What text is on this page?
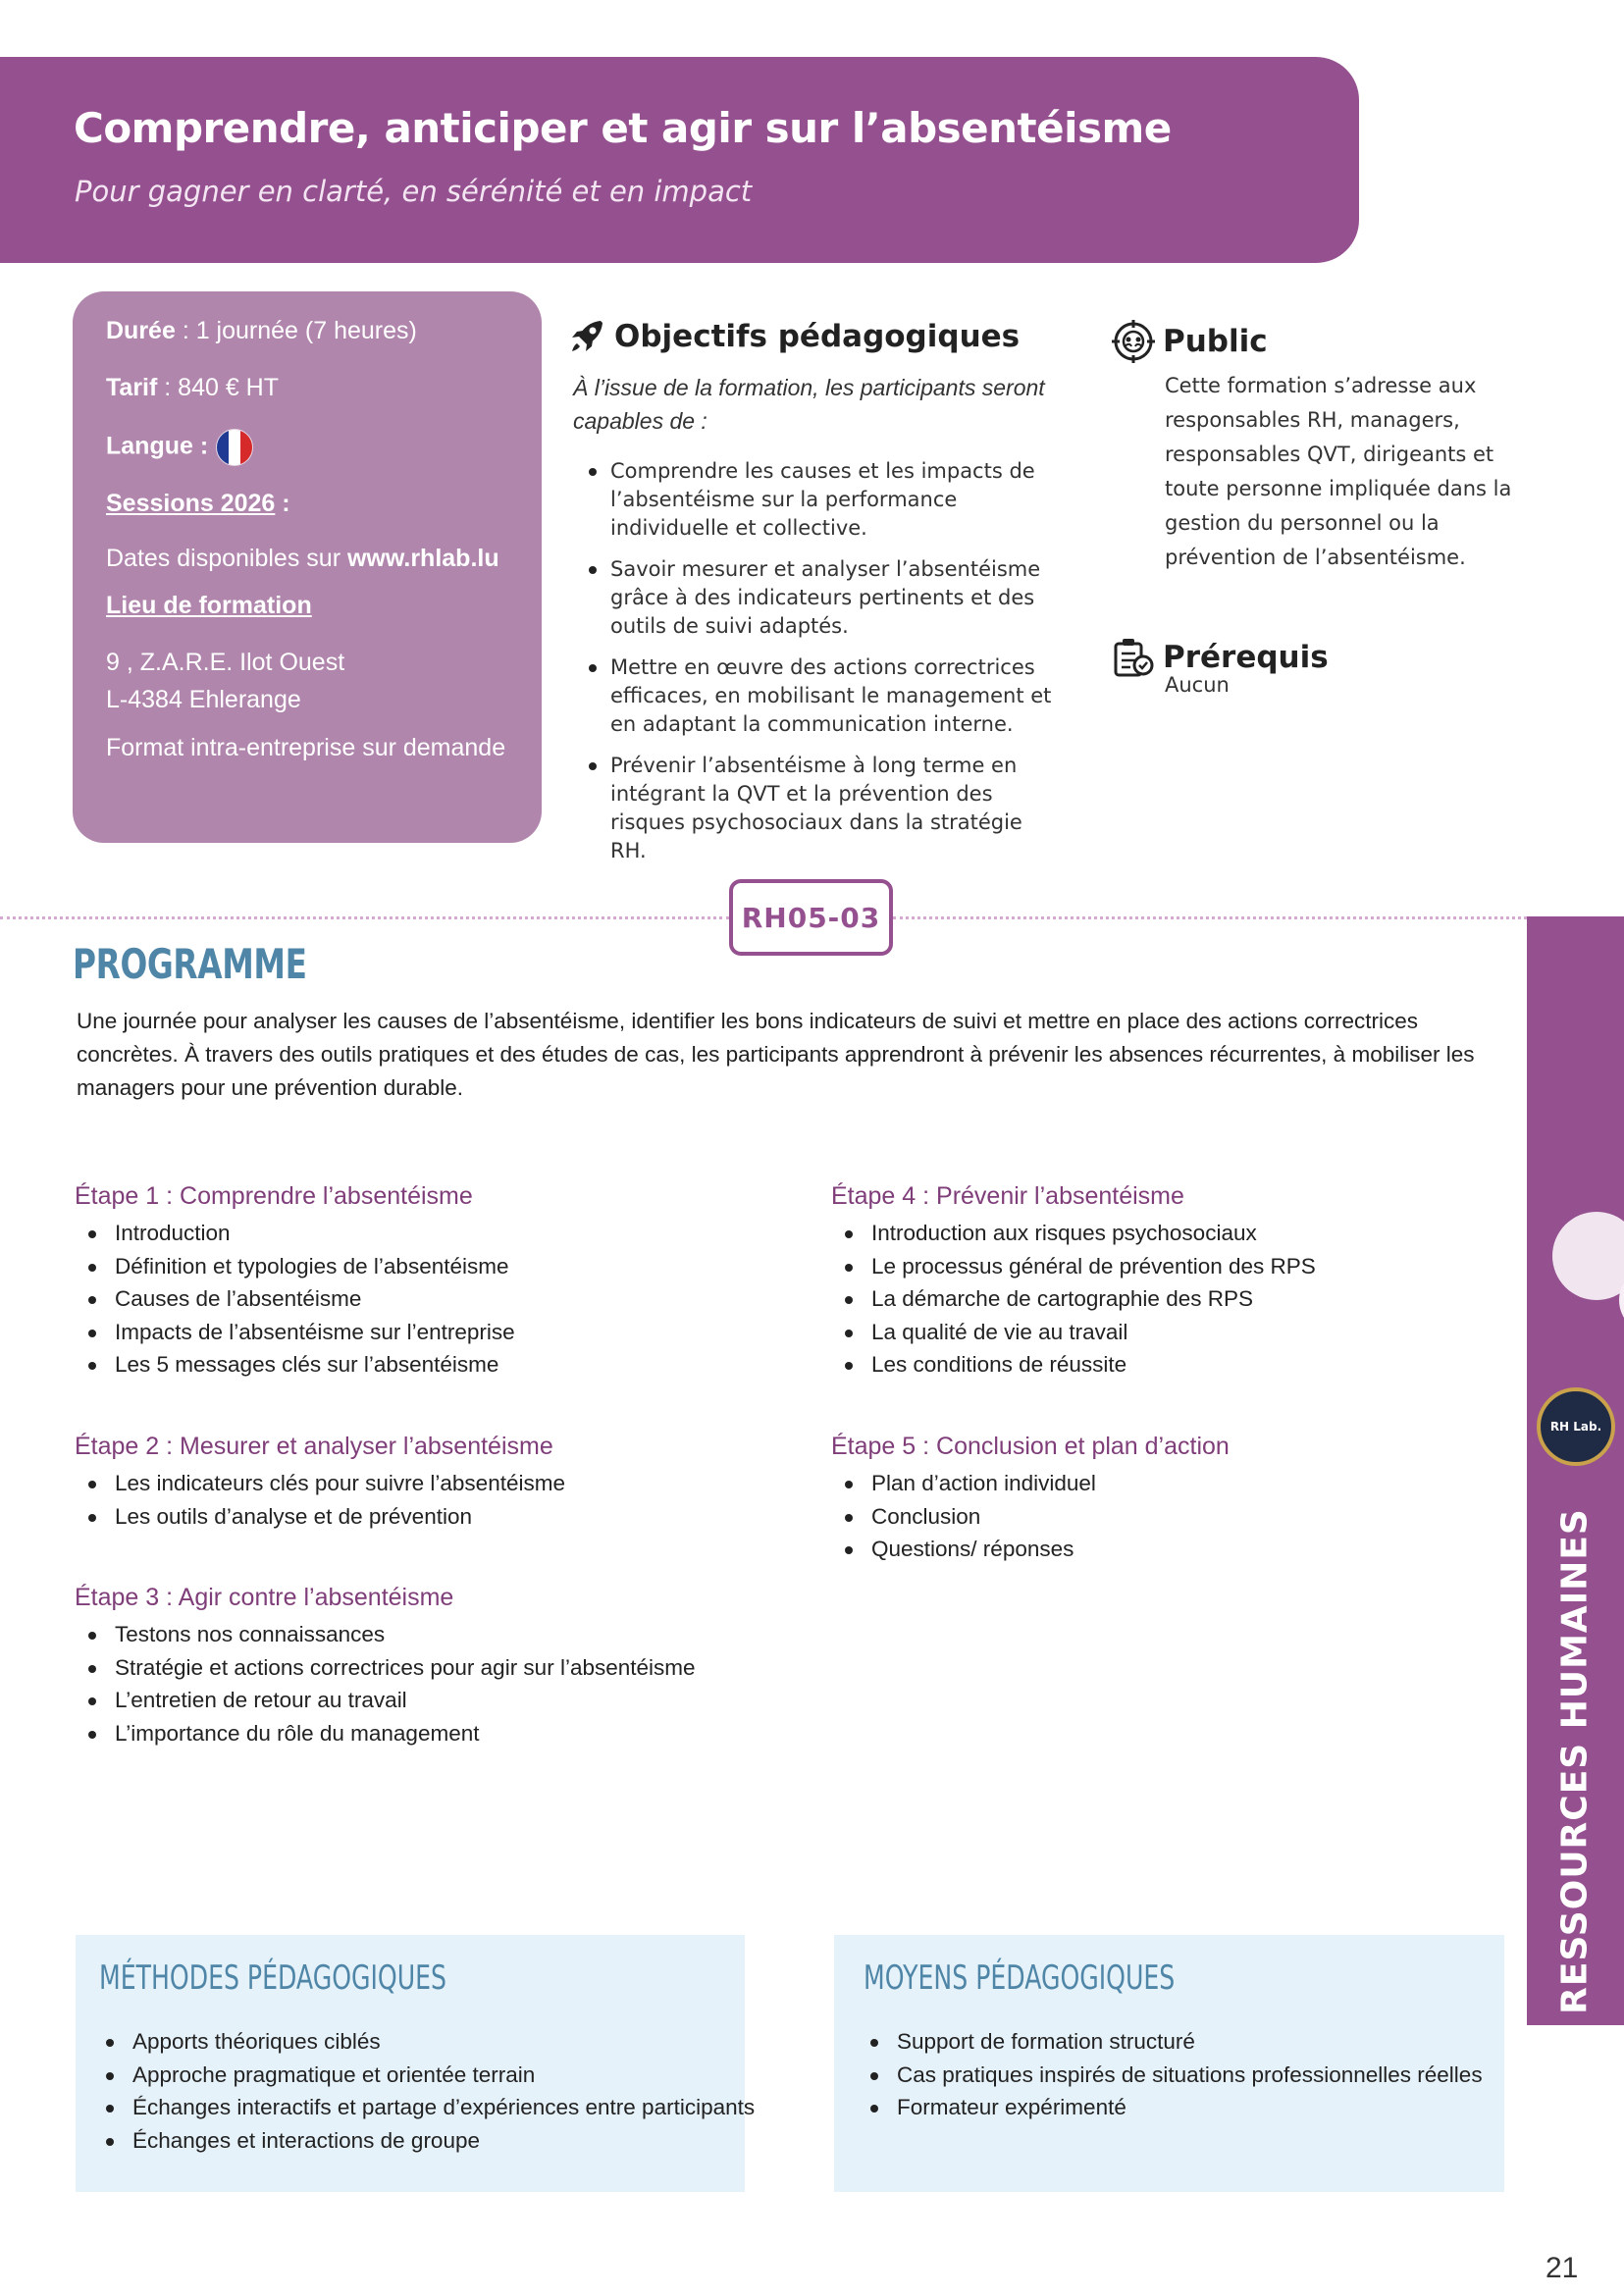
Comprendre, anticiper et agir sur l’absentéisme

Pour gagner en clarté, en sérénité et en impact

Durée : 1 journée (7 heures)
Tarif : 840 € HT
Langue :
Sessions 2026 :
Dates disponibles sur www.rhlab.lu
Lieu de formation
9 , Z.A.R.E. Ilot Ouest
L-4384 Ehlerange
Format intra-entreprise sur demande
Objectifs pédagogiques

À l’issue de la formation, les participants seront capables de :

Comprendre les causes et les impacts de l’absentéisme sur la performance individuelle et collective.
Savoir mesurer et analyser l’absentéisme grâce à des indicateurs pertinents et des outils de suivi adaptés.
Mettre en œuvre des actions correctrices efficaces, en mobilisant le management et en adaptant la communication interne.
Prévenir l’absentéisme à long terme en intégrant la QVT et la prévention des risques psychosociaux dans la stratégie RH.
Public

Cette formation s’adresse aux responsables RH, managers, responsables QVT, dirigeants et toute personne impliquée dans la gestion du personnel ou la prévention de l’absentéisme.

Prérequis

Aucun

RH05-03
PROGRAMME

Une journée pour analyser les causes de l’absentéisme, identifier les bons indicateurs de suivi et mettre en place des actions correctrices concrètes. À travers des outils pratiques et des études de cas, les participants apprendront à prévenir les absences récurrentes, à mobiliser les managers pour une prévention durable.

Étape 1 : Comprendre l’absentéisme
Introduction
Définition et typologies de l’absentéisme
Causes de l’absentéisme
Impacts de l’absentéisme sur l’entreprise
Les 5 messages clés sur l’absentéisme
Étape 2 : Mesurer et analyser l’absentéisme
Les indicateurs clés pour suivre l’absentéisme
Les outils d’analyse et de prévention
Étape 3 : Agir contre l’absentéisme
Testons nos connaissances
Stratégie et actions correctrices pour agir sur l’absentéisme
L’entretien de retour au travail
L’importance du rôle du management
Étape 4 : Prévenir l’absentéisme
Introduction aux risques psychosociaux
Le processus général de prévention des RPS
La démarche de cartographie des RPS
La qualité de vie au travail
Les conditions de réussite
Étape 5 : Conclusion et plan d’action
Plan d’action individuel
Conclusion
Questions/ réponses
RH Lab.
RESSOURCES HUMAINES
MÉTHODES PÉDAGOGIQUES
Apports théoriques ciblés
Approche pragmatique et orientée terrain
Échanges interactifs et partage d’expériences entre participants
Échanges et interactions de groupe
MOYENS PÉDAGOGIQUES
Support de formation structuré
Cas pratiques inspirés de situations professionnelles réelles
Formateur expérimenté
21
